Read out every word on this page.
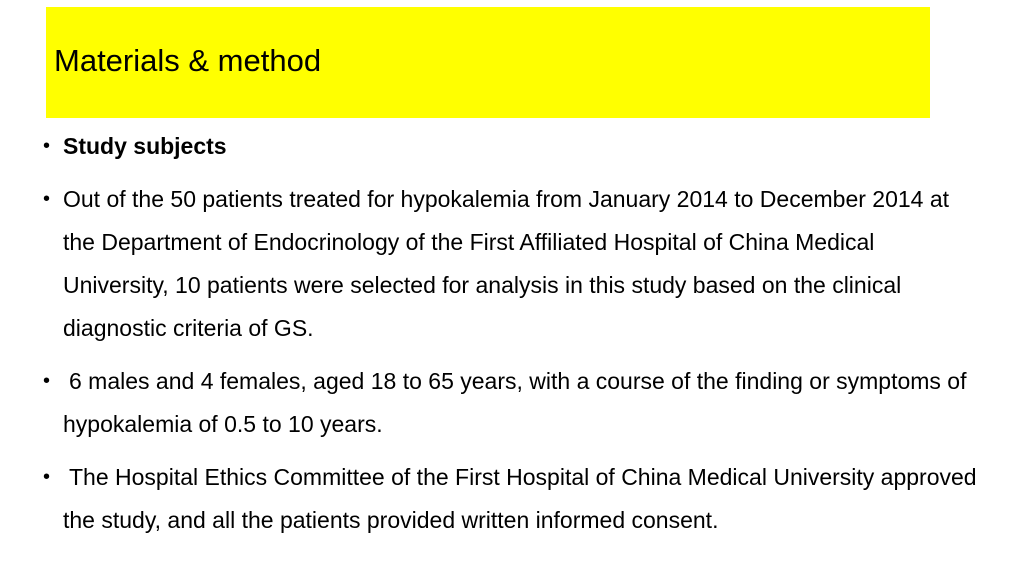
Materials & method
• Study subjects
• Out of the 50 patients treated for hypokalemia from January 2014 to December 2014 at the Department of Endocrinology of the First Affiliated Hospital of China Medical University, 10 patients were selected for analysis in this study based on the clinical diagnostic criteria of GS.
• 6 males and 4 females, aged 18 to 65 years, with a course of the finding or symptoms of hypokalemia of 0.5 to 10 years.
• The Hospital Ethics Committee of the First Hospital of China Medical University approved the study, and all the patients provided written informed consent.
